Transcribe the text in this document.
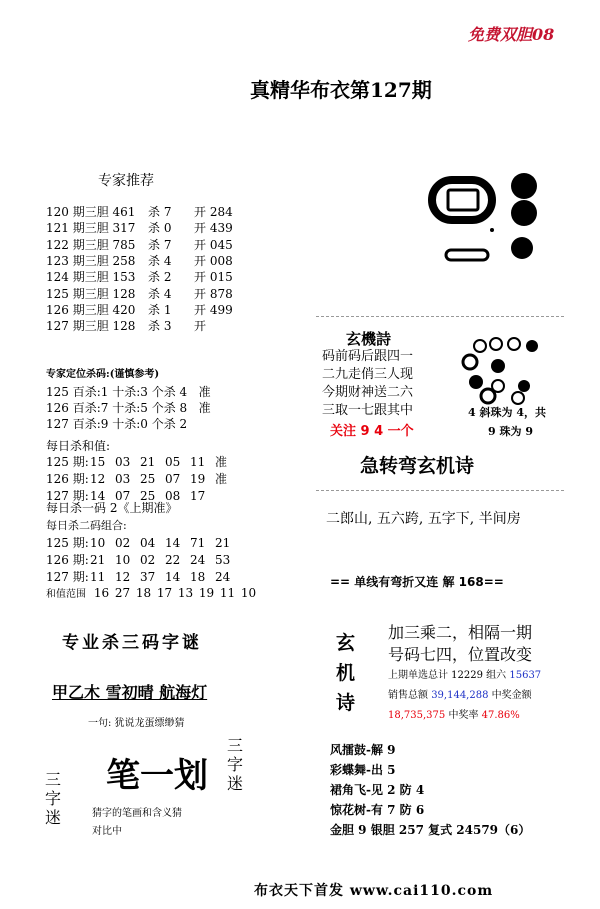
免费双胆08
真精华布衣第127期
专家推荐
120 期三胆 461 杀 7 开 284
121 期三胆 317 杀 0 开 439
122 期三胆 785 杀 7 开 045
123 期三胆 258 杀 4 开 008
124 期三胆 153 杀 2 开 015
125 期三胆 128 杀 4 开 878
126 期三胆 420 杀 1 开 499
127 期三胆 128 杀 3 开
专家定位杀码:(谨慎参考)
125 百杀:1 十杀:3 个杀 4   准
126 百杀:7 十杀:5 个杀 8   准
127 百杀:9 十杀:0 个杀 2
每日杀和值:
125 期:15 03 21 05 11 准
126 期:12 03 25 07 19 准
127 期:14 07 25 08 17
每日杀一码 2《上期准》
每日杀二码组合:
125 期:10 02 04 14 71 21
126 期:21 10 02 22 24 53
127 期:11 12 37 14 18 24
和值范围 16 27 18 17 13 19 11 10
专业杀三码字谜
甲乙木 雪初晴 航海灯
一句: 犹说龙蛋缥缈猜
三
字
迷
三
字
迷
笔一划
猜字的笔画和含义猜
对比中
玄機詩
码前码后跟四一
二九走俏三人现
今期财神送二六
三取一七跟其中
关注 9 4 一个
4 斜珠为 4，共
9 珠为 9
急转弯玄机诗
二郎山, 五六跨, 五字下, 半间房
== 单线有弯折又连 解 168==
玄
机
诗
加三乘二，相隔一期
号码七四，位置改变
上期单选总计 12229 组六 15637
销售总额 39,144,288 中奖金额
18,735,375 中奖率 47.86%
风擂鼓-解 9
彩蝶舞-出 5
裙角飞-见 2 防 4
惊花树-有 7 防 6
金胆 9 银胆 257 复式 24579（6）
布衣天下首发 www.cai110.com
